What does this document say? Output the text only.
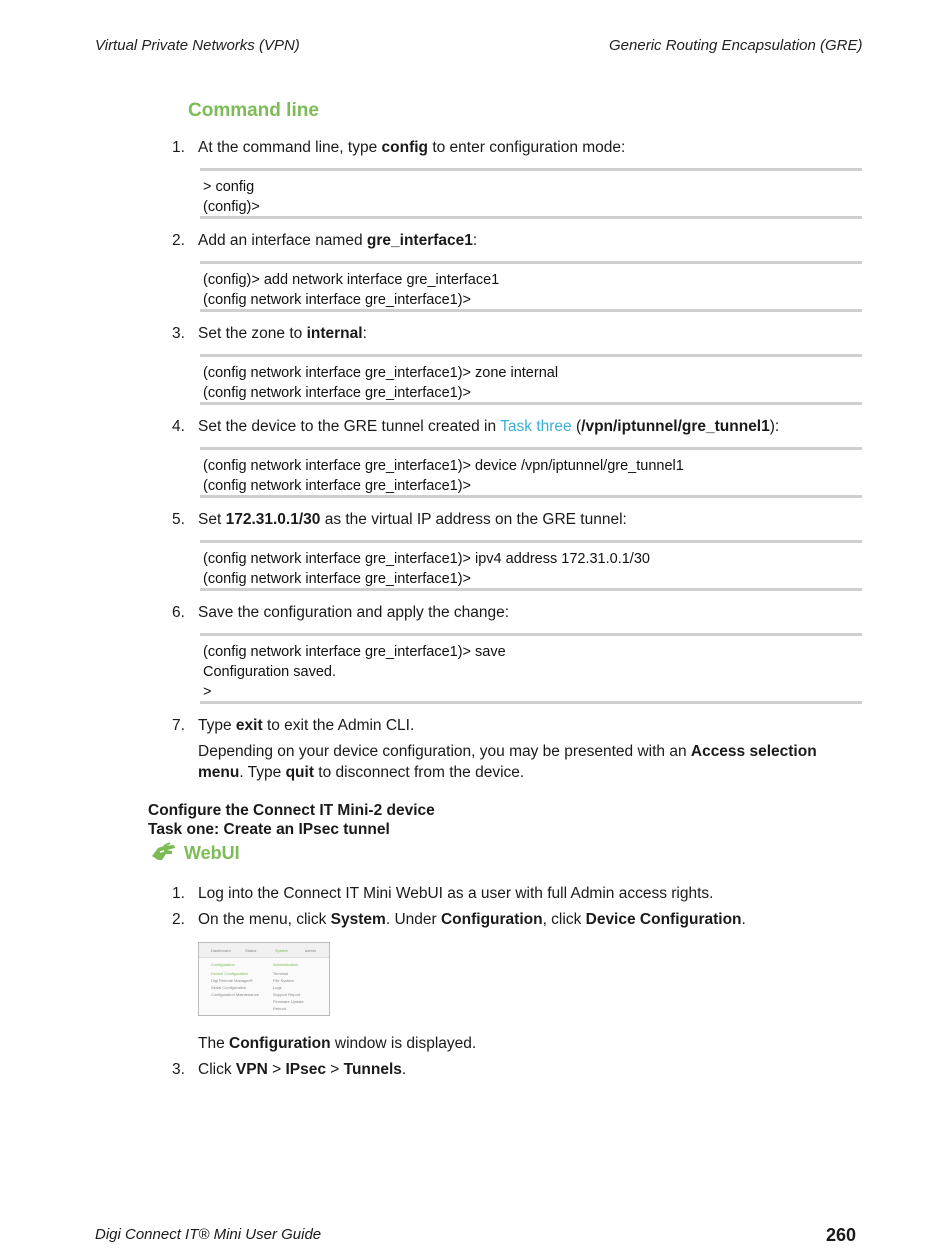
Virtual Private Networks (VPN)	Generic Routing Encapsulation (GRE)
Command line
1. At the command line, type config to enter configuration mode:
> config
(config)>
2. Add an interface named gre_interface1:
(config)> add network interface gre_interface1
(config network interface gre_interface1)>
3. Set the zone to internal:
(config network interface gre_interface1)> zone internal
(config network interface gre_interface1)>
4. Set the device to the GRE tunnel created in Task three (/vpn/iptunnel/gre_tunnel1):
(config network interface gre_interface1)> device /vpn/iptunnel/gre_tunnel1
(config network interface gre_interface1)>
5. Set 172.31.0.1/30 as the virtual IP address on the GRE tunnel:
(config network interface gre_interface1)> ipv4 address 172.31.0.1/30
(config network interface gre_interface1)>
6. Save the configuration and apply the change:
(config network interface gre_interface1)> save
Configuration saved.
>
7. Type exit to exit the Admin CLI.
Depending on your device configuration, you may be presented with an Access selection menu. Type quit to disconnect from the device.
Configure the Connect IT Mini-2 device
Task one: Create an IPsec tunnel
WebUI
1. Log into the Connect IT Mini WebUI as a user with full Admin access rights.
2. On the menu, click System. Under Configuration, click Device Configuration.
Dashboard	Status	System	admin
Configuration
Device Configuration
Digi Remote Manager®
Serial Configuration
Configuration Maintenance
Administration
Terminal
File System
Logs
Support Report
Firmware Update
Reboot
The Configuration window is displayed.
3. Click VPN > IPsec > Tunnels.
Digi Connect IT® Mini User Guide	260
